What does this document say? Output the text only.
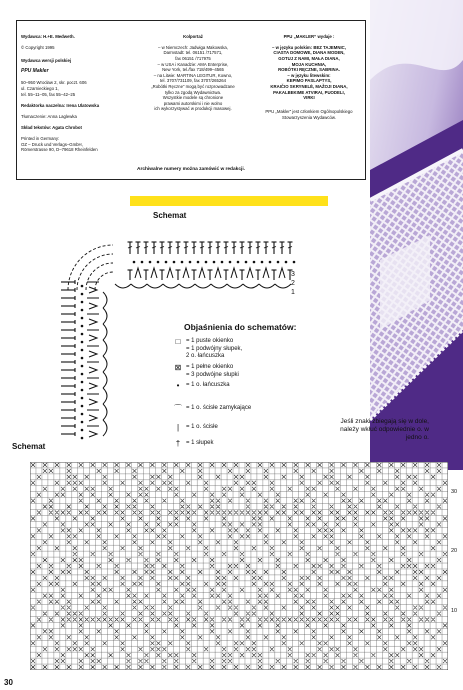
Wydawca: H.+E. Medweth.

© Copyright 1995

Wydawca wersji polskiej

PPU Makler

50–950 Wrocław 2, skr. poczt. 606
ul. Czarnieckiego 1,
tel. 55–11–05, fax 55–42–25

Redaktorka naczelna: Irena Ulatowska

Tłumaczenie: Anna Laglewka

Skład tekstów: Agata Chrobot

Printed in Germany:
OZ – Druck und Verlags–GmbH,
Römerstrasse 90, D–79618 Rheinfelden

Kolportaż

– w Niemczech: Jadwiga Makowska,
Darmstadt: tel. 06151 /717571,
fax 06151 /717975
– w USA i Kanadzie: AMA Enterprise,
New York, tel./fax 718/499–4565
– na Litwie: MARTINA LEGITUR, Kowno,
tel. 3707/731109, fax 3707/265264
„Robótki Ręczne” mogą być rozprowadzane
tylko za zgodą Wydawnictwa.
Wszystkie modele są chronione
prawami autorskimi i nie wolno
ich wykorzystywać w produkcji masowej.

PPU „MAKLER” wydaje :

– w języku polskim: BEZ TAJEMNIC,
CIASTA DOMOWE, DIANA MODEN,
GOTUJ Z NAMI, MAŁA DIANA,
MOJA KUCHNIA,
ROBÓTKI RĘCZNE, SABRINA.
– w języku litewskim:
KEPIMO PASLAPTYS,
KRAIČIO SKRYNELĖ, MAŽOJI DIANA,
PAKALBEKIME ATVIRAI, PUODELI,
VIRKI

PPU „Makler” jest członkiem Ogólnopolskiego
Stowarzyszenia Wydawców.

Archiwalne numery można zamówić w redakcji.
Schemat
3
2
1
Objaśnienia do schematów:
□ = 1 puste okienko
= 1 podwójny słupek,
2 o. łańcuszka
⊠ = 1 pełne okienko
= 3 podwójne słupki
•	= 1 o. łańcuszka
⌒ = 1 o. ścisłe zamykające
|	= 1 o. ścisłe
† = 1 słupek
Jeśli znaki zbiegają się w dole, należy wkłuć odpowiednie o. w jedno o.
Schemat
30
20
10
30
